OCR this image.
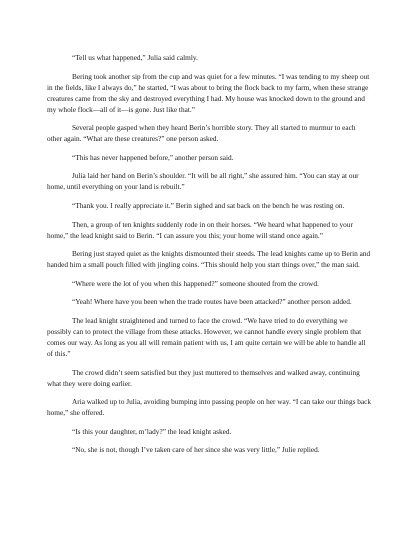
“Tell us what happened,” Julia said calmly.

Bering took another sip from the cup and was quiet for a few minutes. “I was tending to my sheep out in the fields, like I always do,” he started, “I was about to bring the flock back to my farm, when these strange creatures came from the sky and destroyed everything I had. My house was knocked down to the ground and my whole flock—all of it—is gone. Just like that.”

Several people gasped when they heard Berin’s horrible story. They all started to murmur to each other again. “What are these creatures?” one person asked.

“This has never happened before,” another person said.

Julia laid her hand on Berin’s shoulder. “It will be all right,” she assured him. “You can stay at our home, until everything on your land is rebuilt.”

“Thank you. I really appreciate it.” Berin sighed and sat back on the bench he was resting on.

Then, a group of ten knights suddenly rode in on their horses. “We heard what happened to your home,” the lead knight said to Berin. “I can assure you this; your home will stand once again.”

Bering just stayed quiet as the knights dismounted their steeds. The lead knights came up to Berin and handed him a small pouch filled with jingling coins. “This should help you start things over,” the man said.

“Where were the lot of you when this happened?” someone shouted from the crowd.

“Yeah! Where have you been when the trade routes have been attacked?” another person added.

The lead knight straightened and turned to face the crowd. “We have tried to do everything we possibly can to protect the village from these attacks. However, we cannot handle every single problem that comes our way. As long as you all will remain patient with us, I am quite certain we will be able to handle all of this.”

The crowd didn’t seem satisfied but they just muttered to themselves and walked away, continuing what they were doing earlier.

Aria walked up to Julia, avoiding bumping into passing people on her way. “I can take our things back home,” she offered.

“Is this your daughter, m’lady?” the lead knight asked.

“No, she is not, though I’ve taken care of her since she was very little,” Julie replied.
